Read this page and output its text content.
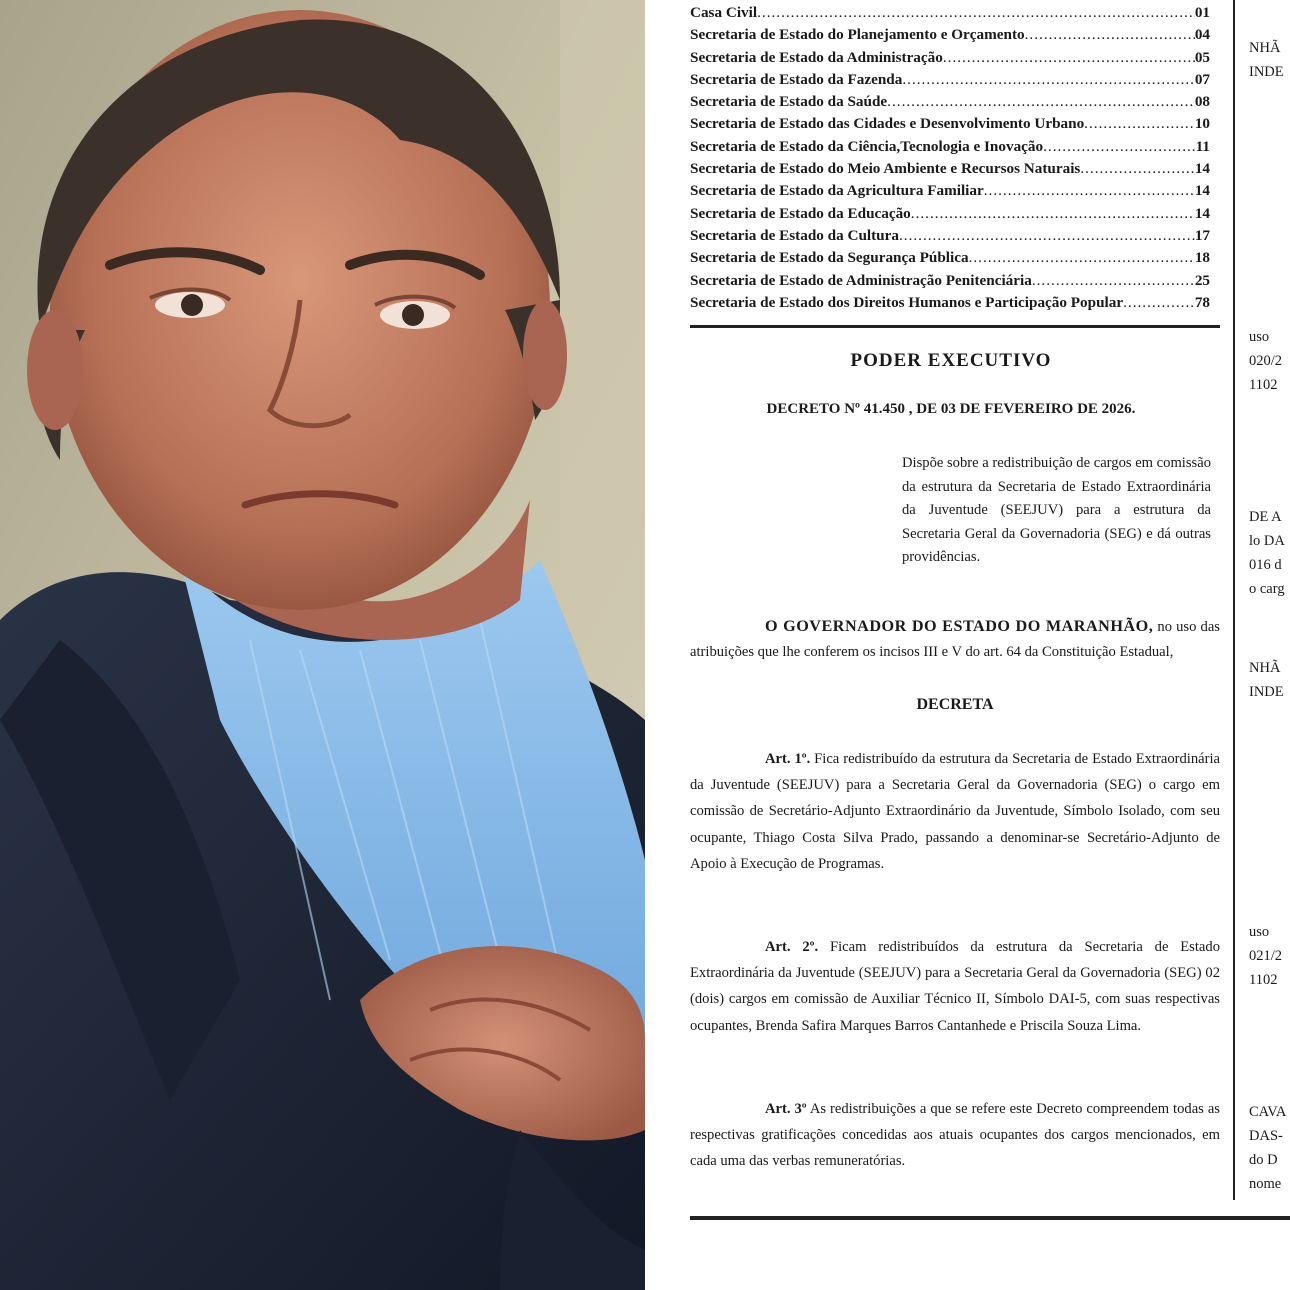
Casa Civil .....	01
Secretaria de Estado do Planejamento e Orçamento .....	04
Secretaria de Estado da Administração .....	05
Secretaria de Estado da Fazenda .....	07
Secretaria de Estado da Saúde .....	08
Secretaria de Estado das Cidades e Desenvolvimento Urbano .....	10
Secretaria de Estado da Ciência,Tecnologia e Inovação .....	11
Secretaria de Estado do Meio Ambiente e Recursos Naturais .....	14
Secretaria de Estado da Agricultura Familiar .....	14
Secretaria de Estado da Educação .....	14
Secretaria de Estado da Cultura .....	17
Secretaria de Estado da Segurança Pública .....	18
Secretaria de Estado de Administração Penitenciária .....	25
Secretaria de Estado dos Direitos Humanos e Participação Popular .....	78
PODER EXECUTIVO
DECRETO Nº 41.450 , DE 03 DE FEVEREIRO DE 2026.
Dispõe sobre a redistribuição de cargos em comissão da estrutura da Secretaria de Estado Extraordinária da Juventude (SEEJUV) para a estrutura da Secretaria Geral da Governadoria (SEG) e dá outras providências.
O GOVERNADOR DO ESTADO DO MARANHÃO, no uso das atribuições que lhe conferem os incisos III e V do art. 64 da Constituição Estadual,
DECRETA
Art. 1º. Fica redistribuído da estrutura da Secretaria de Estado Extraordinária da Juventude (SEEJUV) para a Secretaria Geral da Governadoria (SEG) o cargo em comissão de Secretário-Adjunto Extraordinário da Juventude, Símbolo Isolado, com seu ocupante, Thiago Costa Silva Prado, passando a denominar-se Secretário-Adjunto de Apoio à Execução de Programas.
Art. 2º. Ficam redistribuídos da estrutura da Secretaria de Estado Extraordinária da Juventude (SEEJUV) para a Secretaria Geral da Governadoria (SEG) 02 (dois) cargos em comissão de Auxiliar Técnico II, Símbolo DAI-5, com suas respectivas ocupantes, Brenda Safira Marques Barros Cantanhede e Priscila Souza Lima.
Art. 3º As redistribuições a que se refere este Decreto compreendem todas as respectivas gratificações concedidas aos atuais ocupantes dos cargos mencionados, em cada uma das verbas remuneratórias.
NHÃ
INDE
uso
020/2
1102
DE A
lo DA
016 d
o carg
NHÃ
INDE
uso
021/2
1102
CAVA
DAS-
do D
nome
